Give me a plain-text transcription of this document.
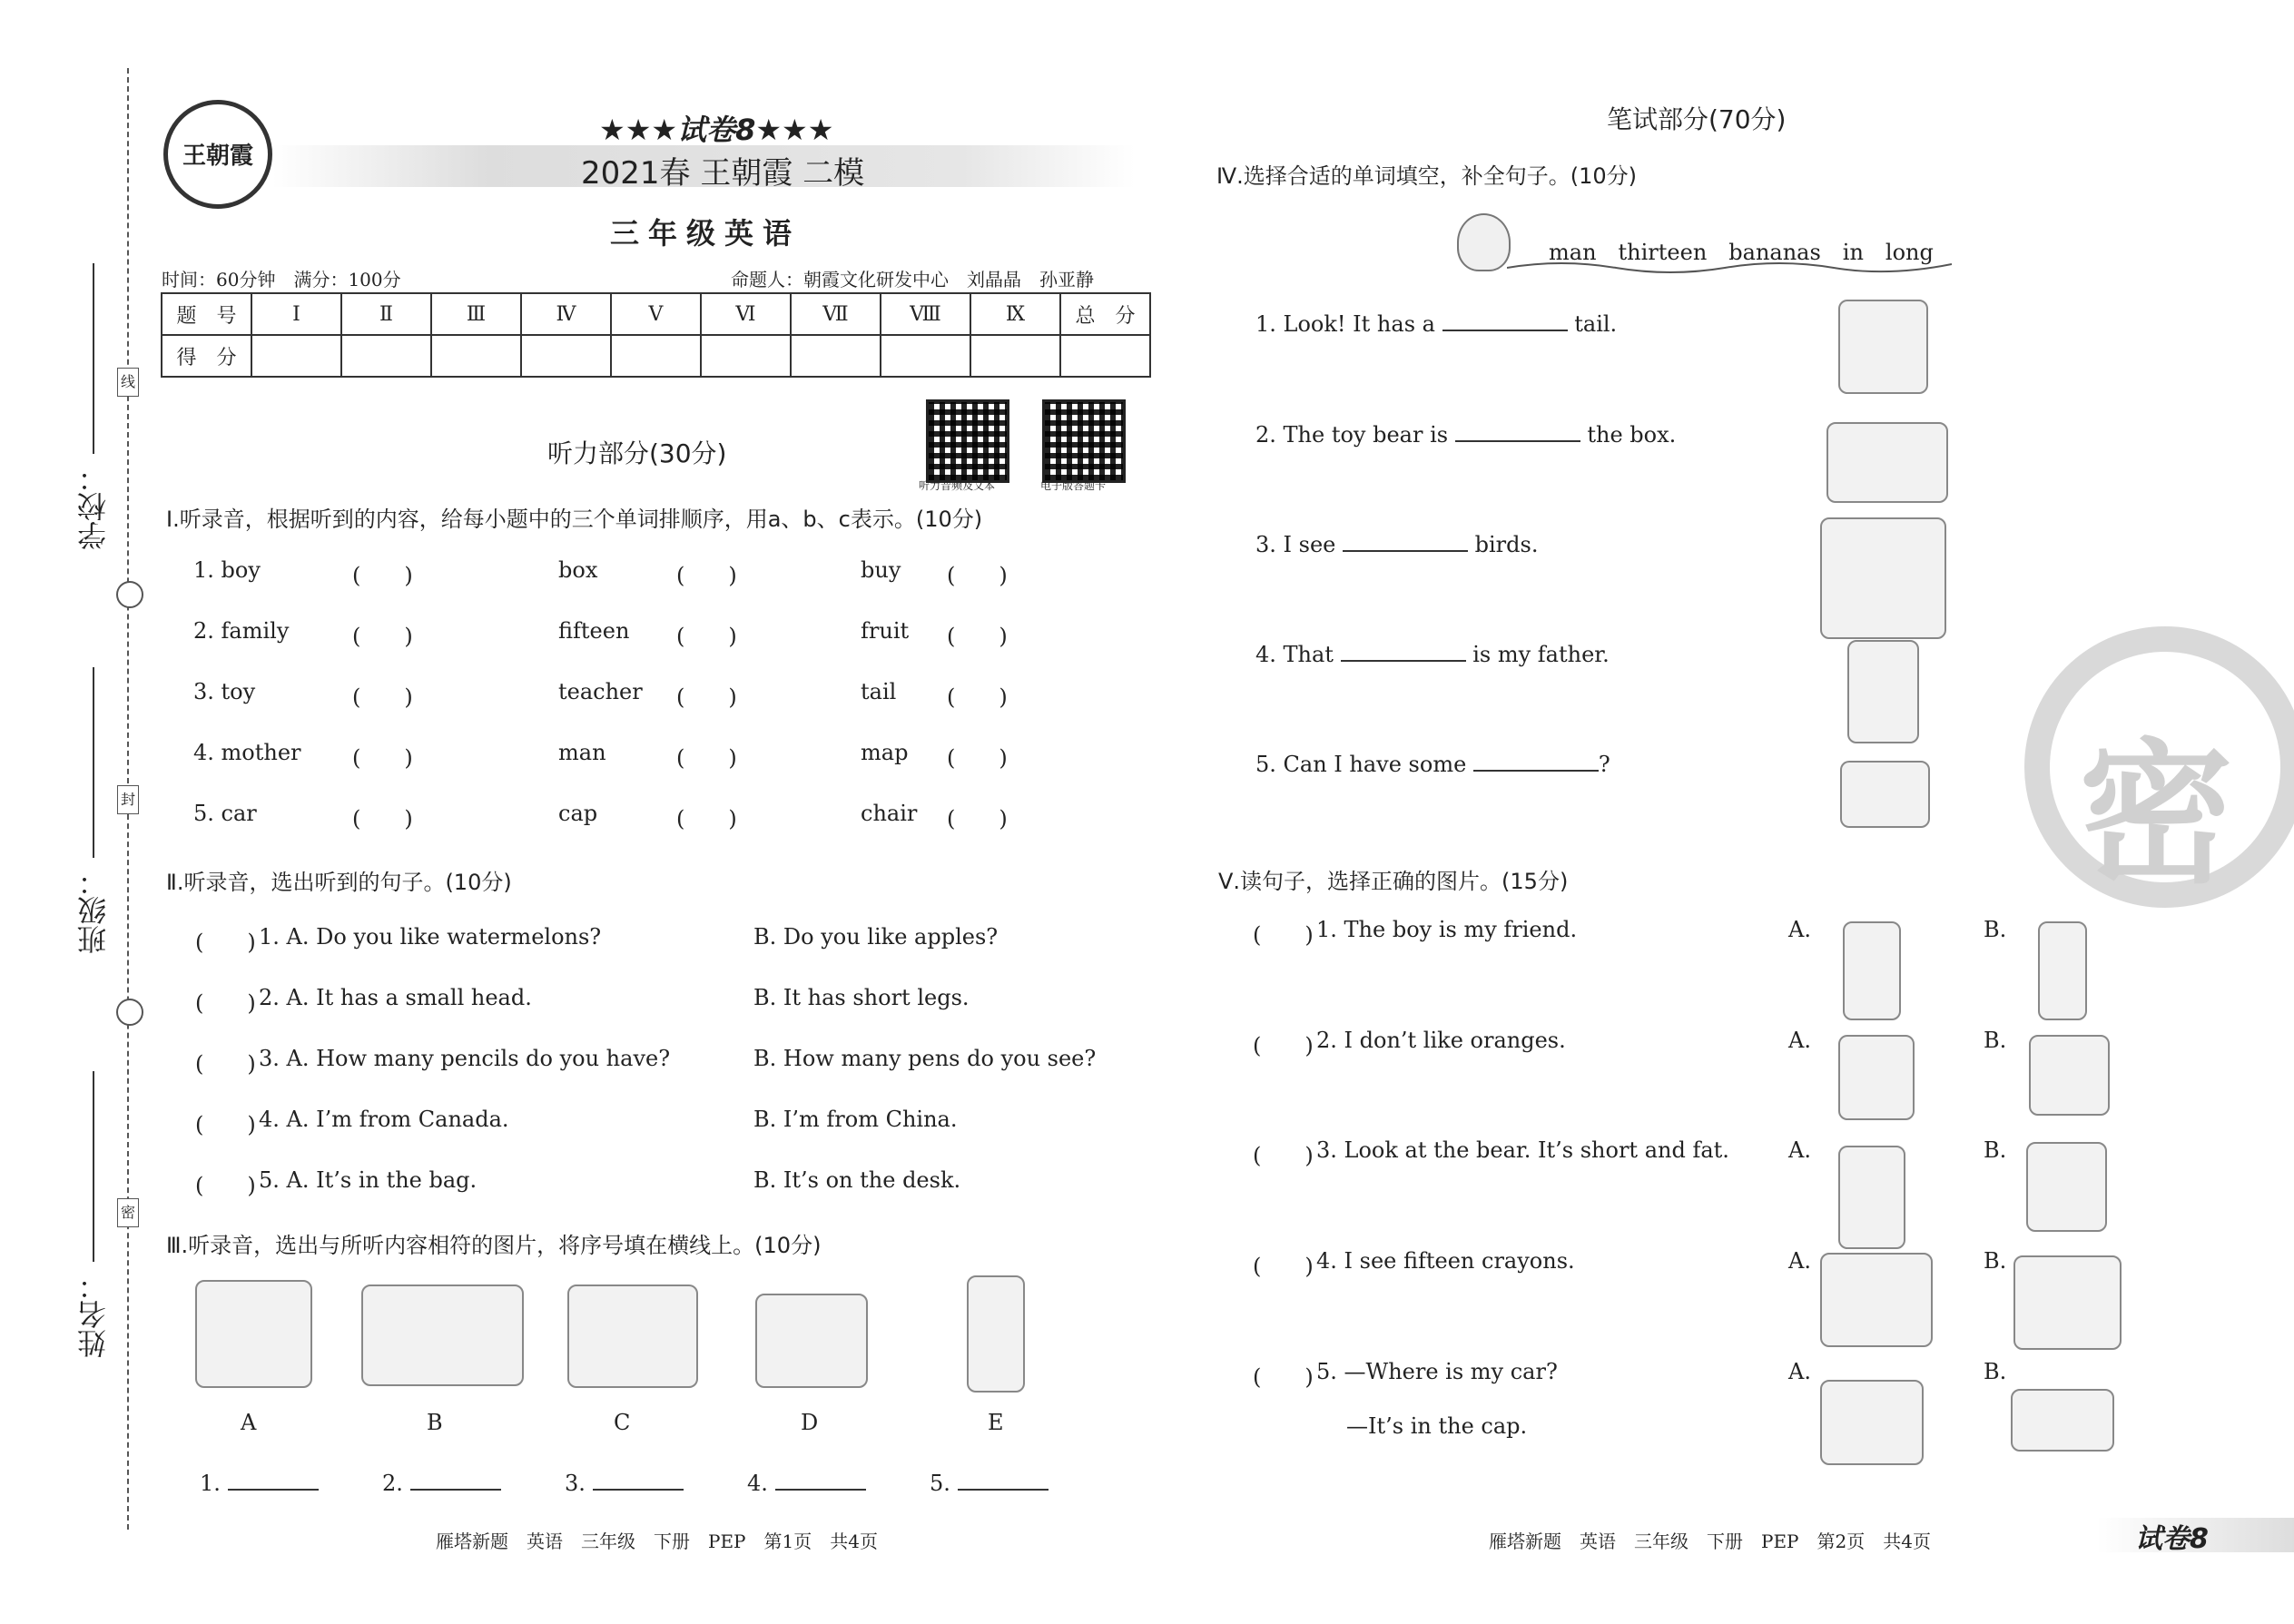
学校：
班级：
姓名：
线
封
密
王朝霞
★★★试卷8★★★
2021春 王朝霞 二模
三年级英语
时间：60分钟　满分：100分	命题人：朝霞文化研发中心　刘晶晶　孙亚静
题　号	Ⅰ	Ⅱ	Ⅲ	Ⅳ	Ⅴ	Ⅵ	Ⅶ	Ⅷ	Ⅸ	总　分
得　分										
听力部分(30分)
听力音频及文本	电子版答题卡
Ⅰ.听录音，根据听到的内容，给每小题中的三个单词排顺序，用a、b、c表示。(10分)
1. boy	(　　)	box	(　　)	buy (　　)
2. family	(　　)	fifteen (　　)	fruit (　　)
3. toy	(　　)	teacher (　　)	tail (　　)
4. mother (　　)	man	(　　)	map (　　)
5. car	(　　)	cap	(　　)	chair (　　)
Ⅱ.听录音，选出听到的句子。(10分)
(　　) 1. A. Do you like watermelons?	B. Do you like apples?
(　　) 2. A. It has a small head.	B. It has short legs.
(　　) 3. A. How many pencils do you have?	B. How many pens do you see?
(　　) 4. A. I’m from Canada.	B. I’m from China.
(　　) 5. A. It’s in the bag.	B. It’s on the desk.
Ⅲ.听录音，选出与所听内容相符的图片，将序号填在横线上。(10分)
A	B	C	D	E
1.	2.	3.	4.	5.
雁塔新题　英语　三年级　下册　PEP　第1页　共4页
笔试部分(70分)
Ⅳ.选择合适的单词填空，补全句子。(10分)
man　thirteen　bananas　in　long
1. Look! It has a	tail.
2. The toy bear is	the box.
3. I see	birds.
4. That	is my father.
5. Can I have some	?
Ⅴ.读句子，选择正确的图片。(15分)
(　　) 1. The boy is my friend.	A.	B.
(　　) 2. I don’t like oranges.	A.	B.
(　　) 3. Look at the bear. It’s short and fat.	A.	B.
(　　) 4. I see fifteen crayons.	A.	B.
(　　) 5. —Where is my car?	A.	B.
—It’s in the cap.
雁塔新题　英语　三年级　下册　PEP　第2页　共4页	试卷8
密
